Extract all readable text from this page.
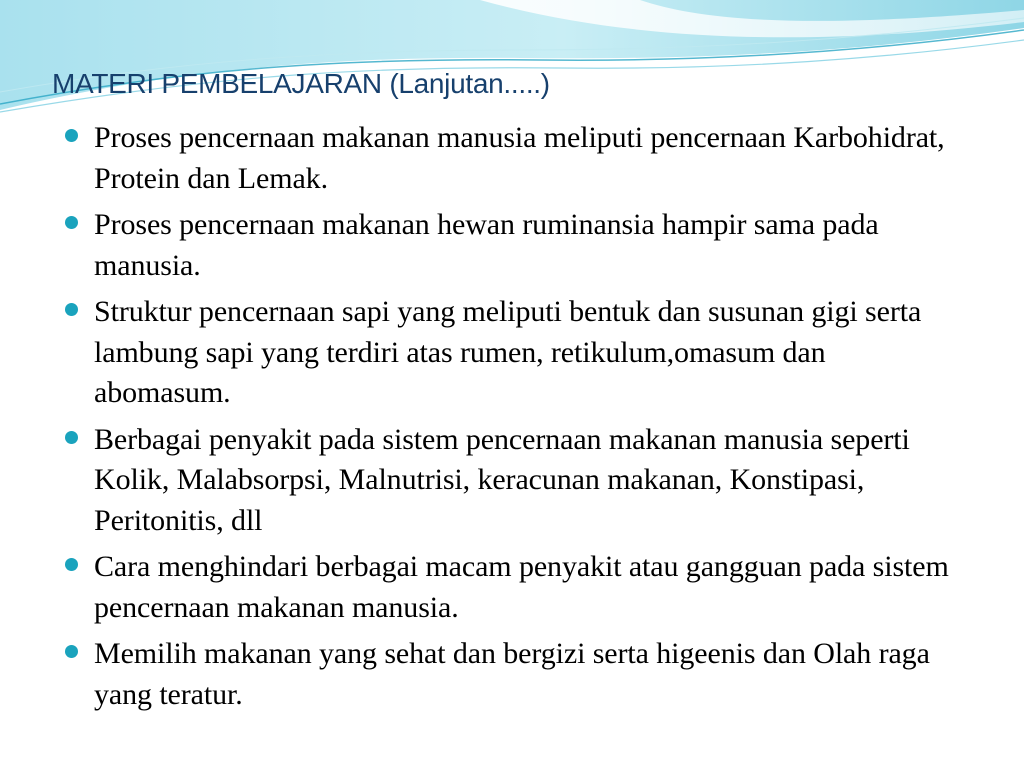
MATERI PEMBELAJARAN (Lanjutan.....)
Proses pencernaan makanan manusia meliputi pencernaan Karbohidrat, Protein dan Lemak.
Proses pencernaan makanan hewan ruminansia hampir sama pada manusia.
Struktur pencernaan sapi yang meliputi bentuk dan susunan gigi serta lambung sapi yang terdiri atas rumen, retikulum,omasum dan abomasum.
Berbagai penyakit pada sistem pencernaan makanan manusia seperti Kolik, Malabsorpsi, Malnutrisi, keracunan makanan, Konstipasi, Peritonitis, dll
Cara menghindari berbagai macam penyakit atau gangguan pada sistem pencernaan makanan manusia.
Memilih makanan yang sehat dan bergizi serta higeenis dan Olah raga yang teratur.
